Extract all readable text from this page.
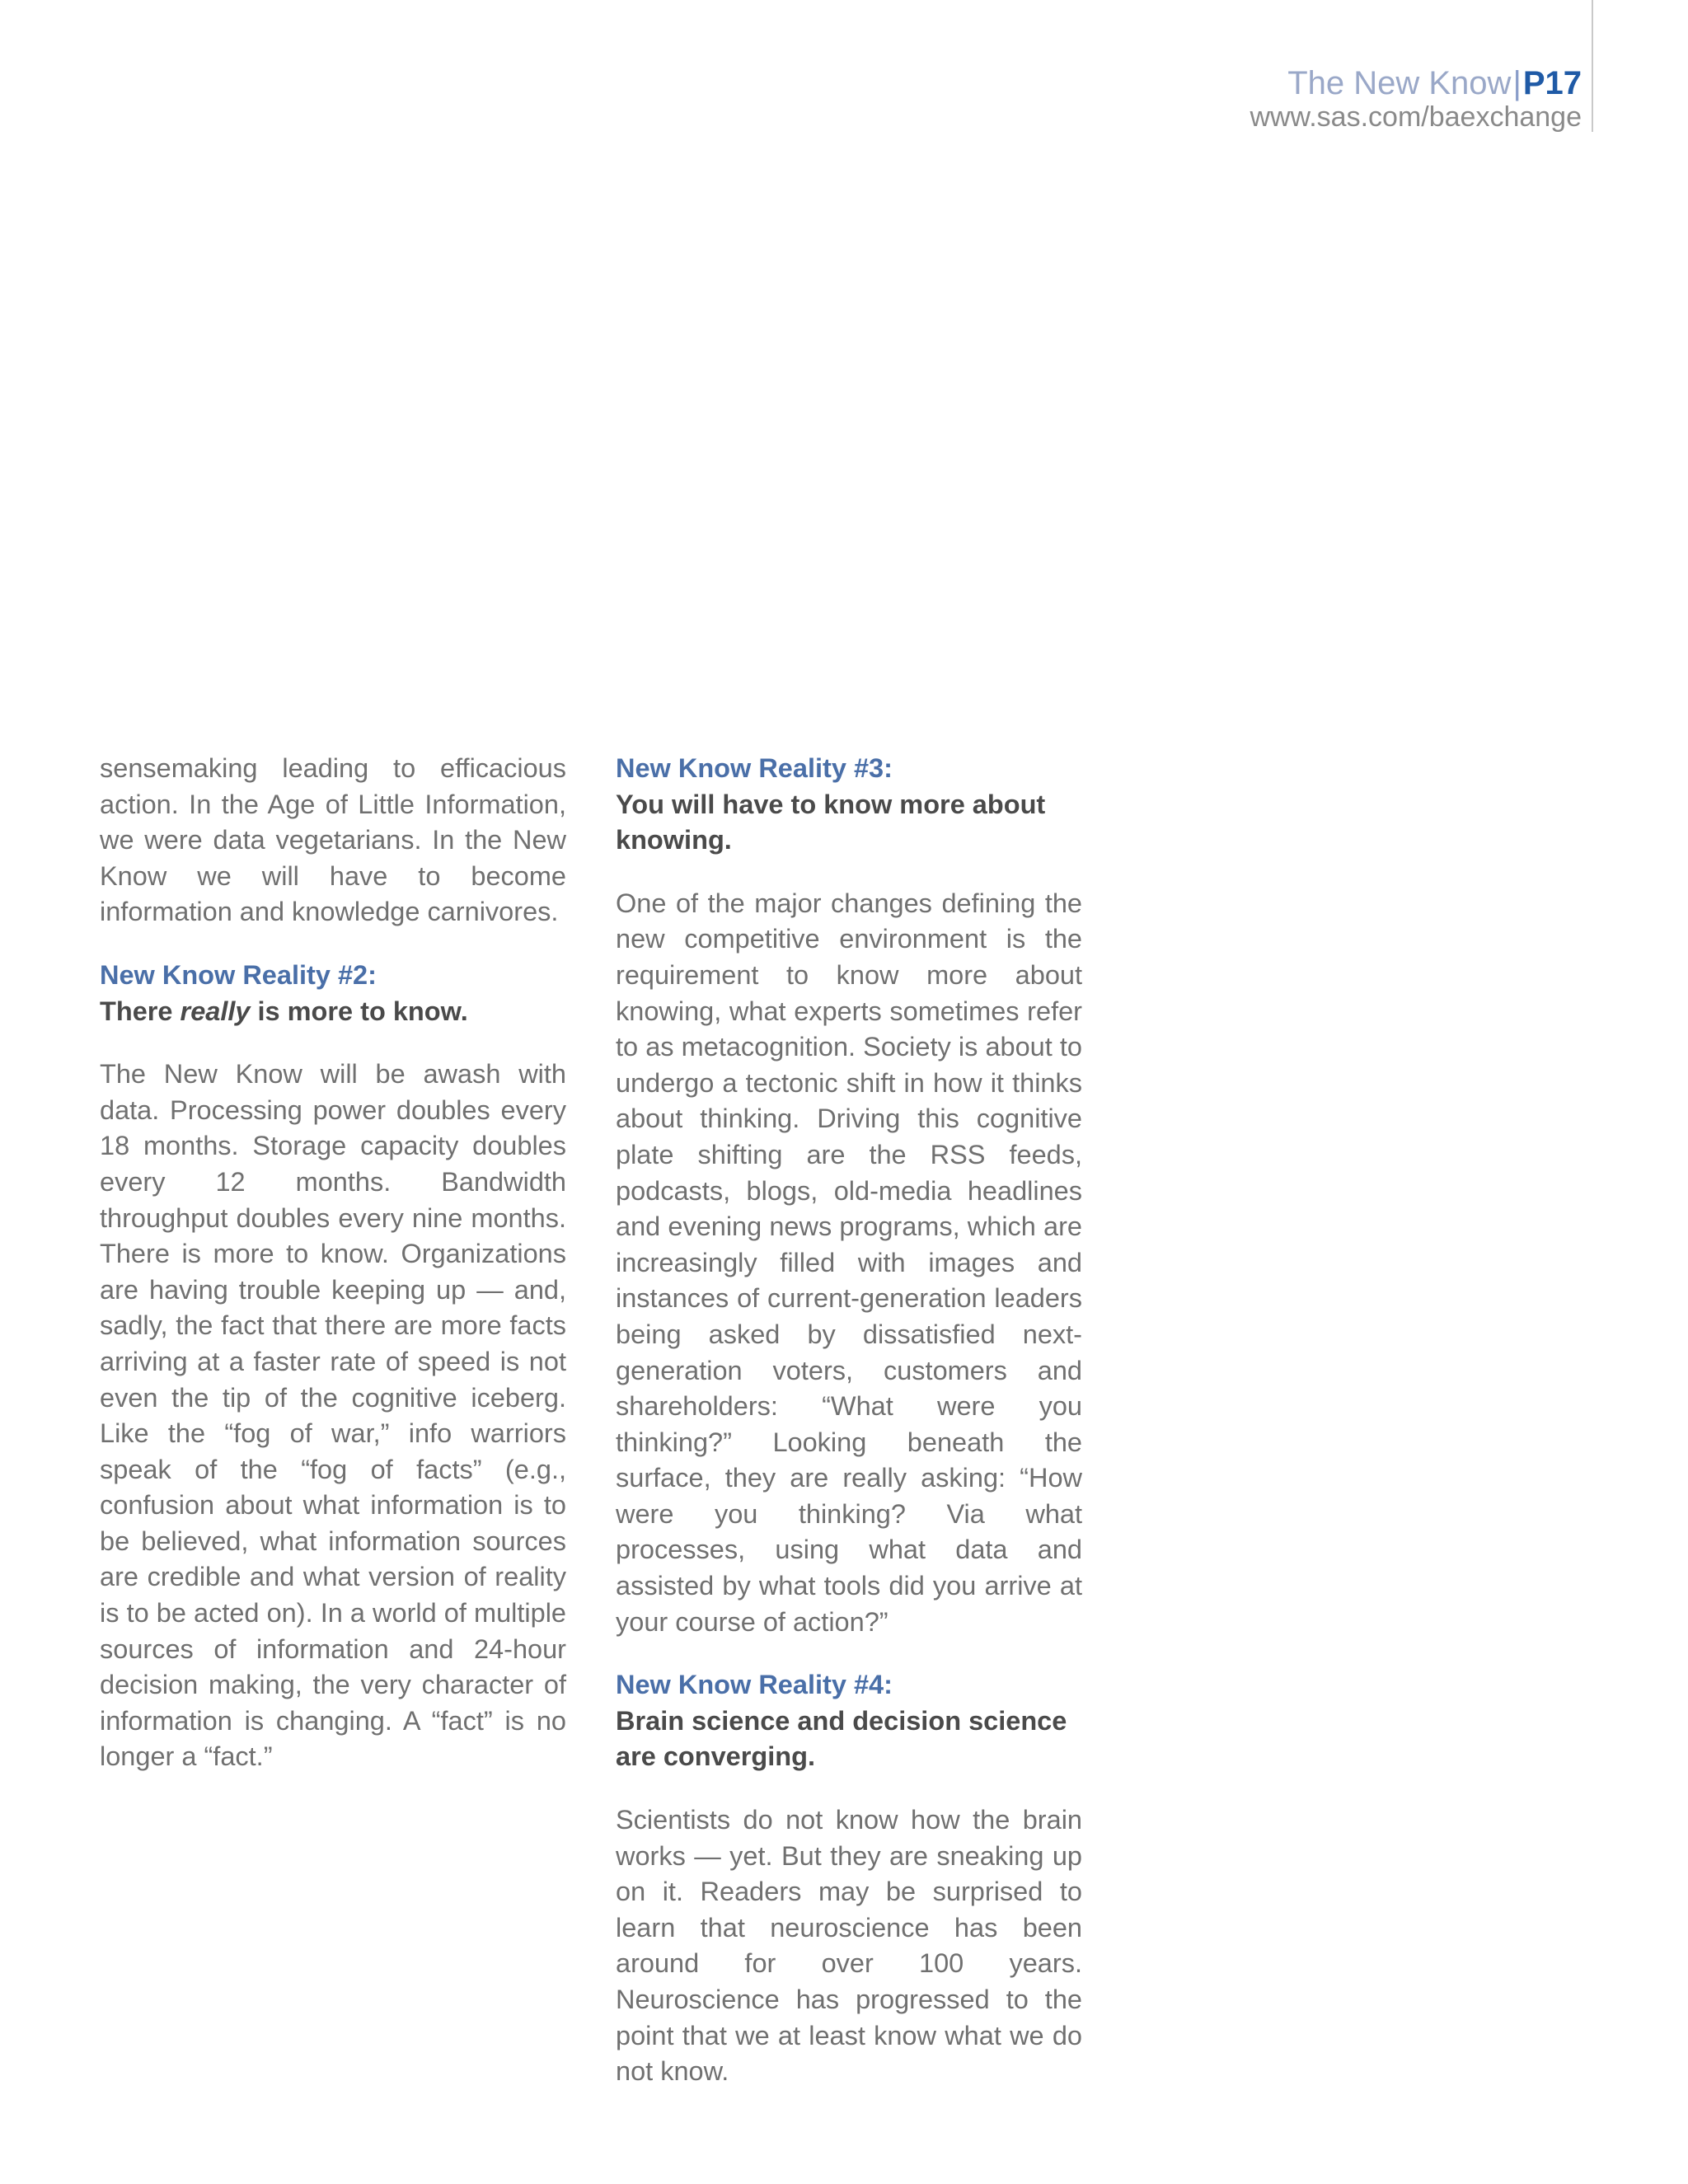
The New Know|P17
www.sas.com/baexchange

sensemaking leading to efficacious action. In the Age of Little Information, we were data vegetarians. In the New Know we will have to become information and knowledge carnivores.

New Know Reality #2:

There really is more to know.

The New Know will be awash with data. Processing power doubles every 18 months. Storage capacity doubles every 12 months. Bandwidth throughput doubles every nine months. There is more to know. Organizations are having trouble keeping up — and, sadly, the fact that there are more facts arriving at a faster rate of speed is not even the tip of the cognitive iceberg. Like the “fog of war,” info warriors speak of the “fog of facts” (e.g., confusion about what information is to be believed, what information sources are credible and what version of reality is to be acted on). In a world of multiple sources of information and 24-hour decision making, the very character of information is changing. A “fact” is no longer a “fact.”

New Know Reality #3:

You will have to know more about knowing.

One of the major changes defining the new competitive environment is the requirement to know more about knowing, what experts sometimes refer to as metacognition. Society is about to undergo a tectonic shift in how it thinks about thinking. Driving this cognitive plate shifting are the RSS feeds, podcasts, blogs, old-media headlines and evening news programs, which are increasingly filled with images and instances of current-generation leaders being asked by dissatisfied next-generation voters, customers and shareholders: “What were you thinking?” Looking beneath the surface, they are really asking: “How were you thinking? Via what processes, using what data and assisted by what tools did you arrive at your course of action?”

New Know Reality #4:

Brain science and decision science are converging.

Scientists do not know how the brain works — yet. But they are sneaking up on it. Readers may be surprised to learn that neuroscience has been around for over 100 years. Neuroscience has progressed to the point that we at least know what we do not know.
